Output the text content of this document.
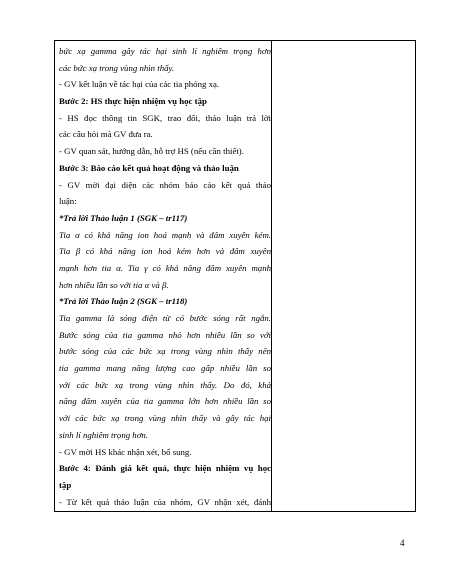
bức xạ gamma gây tác hại sinh lí nghiêm trọng hơn
các bức xạ trong vùng nhìn thấy.
- GV kết luận về tác hại của các tia phóng xạ.
Bước 2: HS thực hiện nhiệm vụ học tập
- HS đọc thông tin SGK, trao đổi, thảo luận trả lời
các câu hỏi mà GV đưa ra.
- GV quan sát, hướng dẫn, hỗ trợ HS (nếu cần thiết).
Bước 3: Báo cáo kết quả hoạt động và thảo luận
- GV mời đại diện các nhóm báo cáo kết quả thảo
luận:
*Trả lời Thảo luận 1 (SGK – tr117)
Tia α có khả năng ion hoá mạnh và đâm xuyên kém.
Tia β có khả năng ion hoá kém hơn và đâm xuyên
mạnh hơn tia α. Tia γ có khả năng đâm xuyên mạnh
hơn nhiều lần so với tia α và β.
*Trả lời Thảo luận 2 (SGK – tr118)
Tia gamma là sóng điện từ có bước sóng rất ngắn.
Bước sóng của tia gamma nhỏ hơn nhiều lần so với
bước sóng của các bức xạ trong vùng nhìn thấy nên
tia gamma mang năng lượng cao gấp nhiều lần so
với các bức xạ trong vùng nhìn thấy. Do đó, khả
năng đâm xuyên của tia gamma lớn hơn nhiều lần so
với các bức xạ trong vùng nhìn thấy và gây tác hại
sinh lí nghiêm trọng hơn.
- GV mời HS khác nhận xét, bổ sung.
Bước 4: Đánh giá kết quả, thực hiện nhiệm vụ học
tập
- Từ kết quả thảo luận của nhóm, GV nhận xét, đánh
4
